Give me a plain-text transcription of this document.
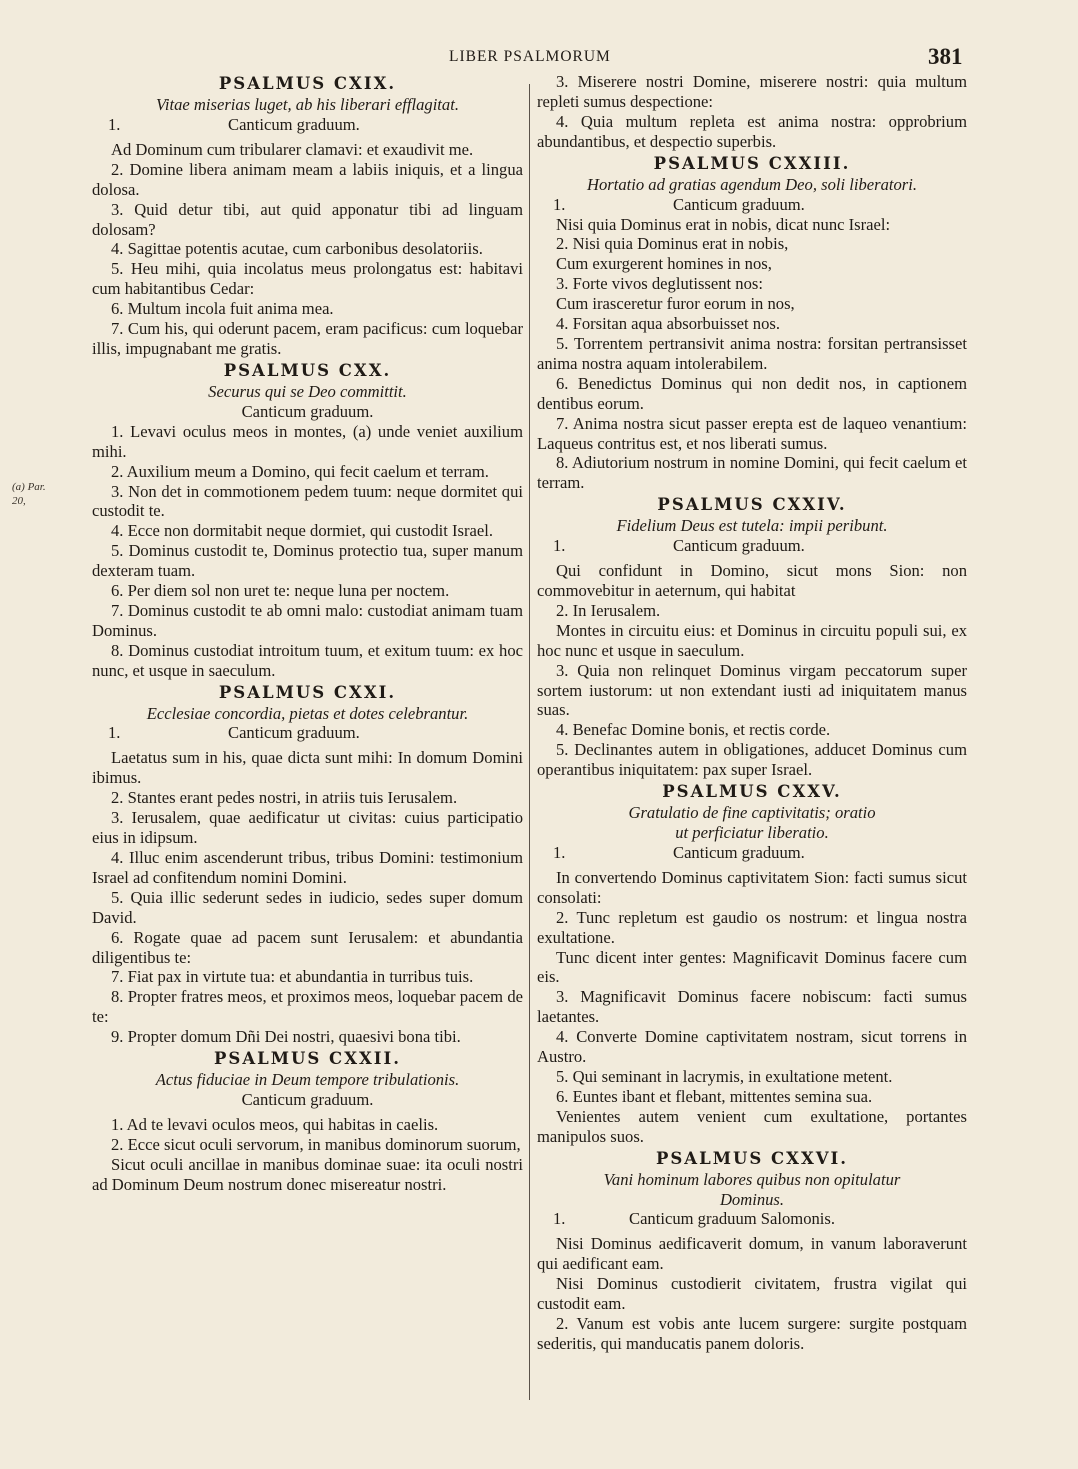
LIBER PSALMORUM	381
(a) Par.
20,
PSALMUS CXIX.
Vitae miserias luget, ab his liberari efflagitat.
1.	Canticum graduum.

Ad Dominum cum tribularer clamavi: et exaudivit me.

2. Domine libera animam meam a labiis iniquis, et a lingua dolosa.

3. Quid detur tibi, aut quid apponatur tibi ad linguam dolosam?

4. Sagittae potentis acutae, cum carbonibus desolatoriis.

5. Heu mihi, quia incolatus meus prolongatus est: habitavi cum habitantibus Cedar:

6. Multum incola fuit anima mea.

7. Cum his, qui oderunt pacem, eram pacificus: cum loquebar illis, impugnabant me gratis.

PSALMUS CXX.
Securus qui se Deo committit.
Canticum graduum.

1. Levavi oculus meos in montes, (a) unde veniet auxilium mihi.

2. Auxilium meum a Domino, qui fecit caelum et terram.

3. Non det in commotionem pedem tuum: neque dormitet qui custodit te.

4. Ecce non dormitabit neque dormiet, qui custodit Israel.

5. Dominus custodit te, Dominus protectio tua, super manum dexteram tuam.

6. Per diem sol non uret te: neque luna per noctem.

7. Dominus custodit te ab omni malo: custodiat animam tuam Dominus.

8. Dominus custodiat introitum tuum, et exitum tuum: ex hoc nunc, et usque in saeculum.

PSALMUS CXXI.
Ecclesiae concordia, pietas et dotes celebrantur.
1.	Canticum graduum.

Laetatus sum in his, quae dicta sunt mihi: In domum Domini ibimus.

2. Stantes erant pedes nostri, in atriis tuis Ierusalem.

3. Ierusalem, quae aedificatur ut civitas: cuius participatio eius in idipsum.

4. Illuc enim ascenderunt tribus, tribus Domini: testimonium Israel ad confitendum nomini Domini.

5. Quia illic sederunt sedes in iudicio, sedes super domum David.

6. Rogate quae ad pacem sunt Ierusalem: et abundantia diligentibus te:

7. Fiat pax in virtute tua: et abundantia in turribus tuis.

8. Propter fratres meos, et proximos meos, loquebar pacem de te:

9. Propter domum Dñi Dei nostri, quaesivi bona tibi.

PSALMUS CXXII.
Actus fiduciae in Deum tempore tribulationis.
Canticum graduum.

1. Ad te levavi oculos meos, qui habitas in caelis.

2. Ecce sicut oculi servorum, in manibus dominorum suorum,

Sicut oculi ancillae in manibus dominae suae: ita oculi nostri ad Dominum Deum nostrum donec misereatur nostri.

3. Miserere nostri Domine, miserere nostri: quia multum repleti sumus despectione:

4. Quia multum repleta est anima nostra: opprobrium abundantibus, et despectio superbis.

PSALMUS CXXIII.
Hortatio ad gratias agendum Deo, soli liberatori.
1.	Canticum graduum.

Nisi quia Dominus erat in nobis, dicat nunc Israel:

2. Nisi quia Dominus erat in nobis,

Cum exurgerent homines in nos,

3. Forte vivos deglutissent nos:

Cum irasceretur furor eorum in nos,

4. Forsitan aqua absorbuisset nos.

5. Torrentem pertransivit anima nostra: forsitan pertransisset anima nostra aquam intolerabilem.

6. Benedictus Dominus qui non dedit nos, in captionem dentibus eorum.

7. Anima nostra sicut passer erepta est de laqueo venantium: Laqueus contritus est, et nos liberati sumus.

8. Adiutorium nostrum in nomine Domini, qui fecit caelum et terram.

PSALMUS CXXIV.
Fidelium Deus est tutela: impii peribunt.
1.	Canticum graduum.

Qui confidunt in Domino, sicut mons Sion: non commovebitur in aeternum, qui habitat

2. In Ierusalem.

Montes in circuitu eius: et Dominus in circuitu populi sui, ex hoc nunc et usque in saeculum.

3. Quia non relinquet Dominus virgam peccatorum super sortem iustorum: ut non extendant iusti ad iniquitatem manus suas.

4. Benefac Domine bonis, et rectis corde.

5. Declinantes autem in obligationes, adducet Dominus cum operantibus iniquitatem: pax super Israel.

PSALMUS CXXV.
Gratulatio de fine captivitatis; oratio
ut perficiatur liberatio.
1.	Canticum graduum.

In convertendo Dominus captivitatem Sion: facti sumus sicut consolati:

2. Tunc repletum est gaudio os nostrum: et lingua nostra exultatione.

Tunc dicent inter gentes: Magnificavit Dominus facere cum eis.

3. Magnificavit Dominus facere nobiscum: facti sumus laetantes.

4. Converte Domine captivitatem nostram, sicut torrens in Austro.

5. Qui seminant in lacrymis, in exultatione metent.

6. Euntes ibant et flebant, mittentes semina sua.

Venientes autem venient cum exultatione, portantes manipulos suos.

PSALMUS CXXVI.
Vani hominum labores quibus non opitulatur
Dominus.
1.	Canticum graduum Salomonis.

Nisi Dominus aedificaverit domum, in vanum laboraverunt qui aedificant eam.

Nisi Dominus custodierit civitatem, frustra vigilat qui custodit eam.

2. Vanum est vobis ante lucem surgere: surgite postquam sederitis, qui manducatis panem doloris.
